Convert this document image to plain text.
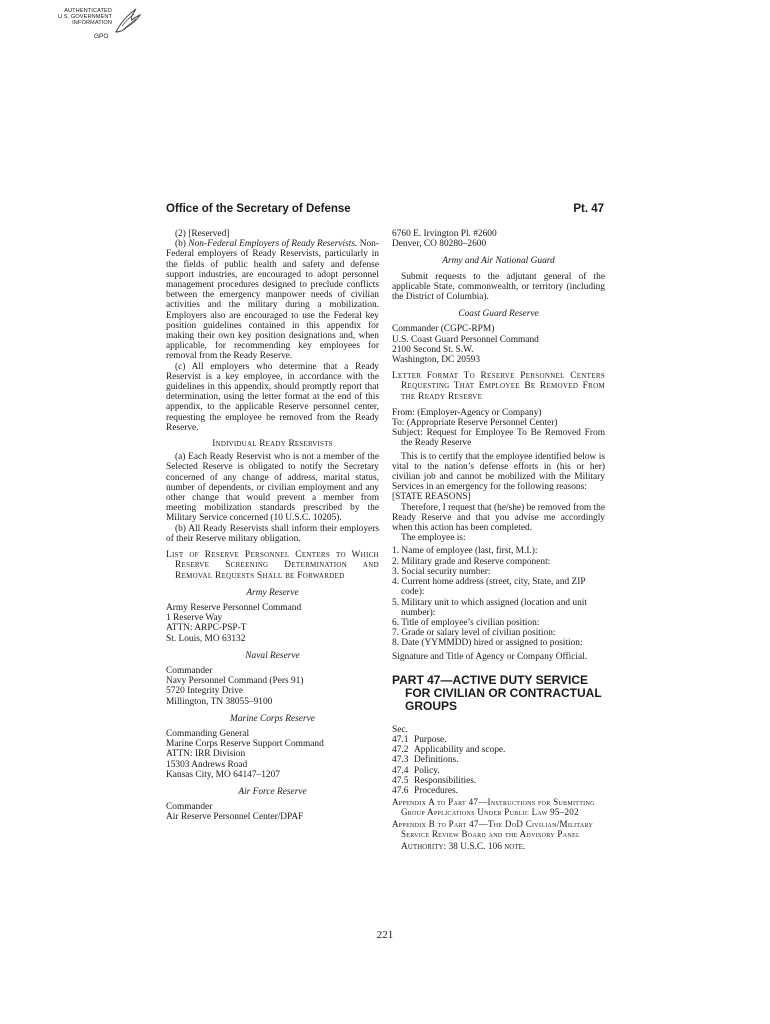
AUTHENTICATED
U.S. GOVERNMENT
INFORMATION
GPO
Office of the Secretary of Defense	Pt. 47

(2) [Reserved]

(b) Non-Federal Employers of Ready Reservists. Non-Federal employers of Ready Reservists, particularly in the fields of public health and safety and defense support industries, are encouraged to adopt personnel management procedures designed to preclude conflicts between the emergency manpower needs of civilian activities and the military during a mobilization. Employers also are encouraged to use the Federal key position guidelines contained in this appendix for making their own key position designations and, when applicable, for recommending key employees for removal from the Ready Reserve.

(c) All employers who determine that a Ready Reservist is a key employee, in accordance with the guidelines in this appendix, should promptly report that determination, using the letter format at the end of this appendix, to the applicable Reserve personnel center, requesting the employee be removed from the Ready Reserve.

Individual Ready Reservists

(a) Each Ready Reservist who is not a member of the Selected Reserve is obligated to notify the Secretary concerned of any change of address, marital status, number of dependents, or civilian employment and any other change that would prevent a member from meeting mobilization standards prescribed by the Military Service concerned (10 U.S.C. 10205).

(b) All Ready Reservists shall inform their employers of their Reserve military obligation.

List of Reserve Personnel Centers to Which Reserve Screening Determination and Removal Requests Shall be Forwarded

Army Reserve
Army Reserve Personnel Command
1 Reserve Way
ATTN: ARPC-PSP-T
St. Louis, MO 63132
Naval Reserve
Commander
Navy Personnel Command (Pers 91)
5720 Integrity Drive
Millington, TN 38055–9100
Marine Corps Reserve
Commanding General
Marine Corps Reserve Support Command
ATTN: IRR Division
15303 Andrews Road
Kansas City, MO 64147–1207
Air Force Reserve
Commander
Air Reserve Personnel Center/DPAF
6760 E. Irvington Pl. #2600
Denver, CO 80280–2600
Army and Air National Guard

Submit requests to the adjutant general of the applicable State, commonwealth, or territory (including the District of Columbia).

Coast Guard Reserve
Commander (CGPC-RPM)
U.S. Coast Guard Personnel Command
2100 Second St. S.W.
Washington, DC 20593

Letter Format To Reserve Personnel Centers Requesting That Employee Be Removed From the Ready Reserve

From: (Employer-Agency or Company)

To: (Appropriate Reserve Personnel Center)

Subject: Request for Employee To Be Removed From the Ready Reserve

This is to certify that the employee identified below is vital to the nation’s defense efforts in (his or her) civilian job and cannot be mobilized with the Military Services in an emergency for the following reasons:

[STATE REASONS]

Therefore, I request that (he/she) be removed from the Ready Reserve and that you advise me accordingly when this action has been completed.

The employee is:

1. Name of employee (last, first, M.I.):

2. Military grade and Reserve component:

3. Social security number:

4. Current home address (street, city, State, and ZIP code):

5. Military unit to which assigned (location and unit number):

6. Title of employee’s civilian position:

7. Grade or salary level of civilian position:

8. Date (YYMMDD) hired or assigned to position:

Signature and Title of Agency or Company Official.

PART 47—ACTIVE DUTY SERVICE FOR CIVILIAN OR CONTRACTUAL GROUPS

Sec.

47.1 Purpose.
47.2 Applicability and scope.
47.3 Definitions.
47.4 Policy.
47.5 Responsibilities.
47.6 Procedures.

Appendix A to Part 47—Instructions for Submitting Group Applications Under Public Law 95–202

Appendix B to Part 47—The DoD Civilian/Military Service Review Board and the Advisory Panel

Authority: 38 U.S.C. 106 note.

221
